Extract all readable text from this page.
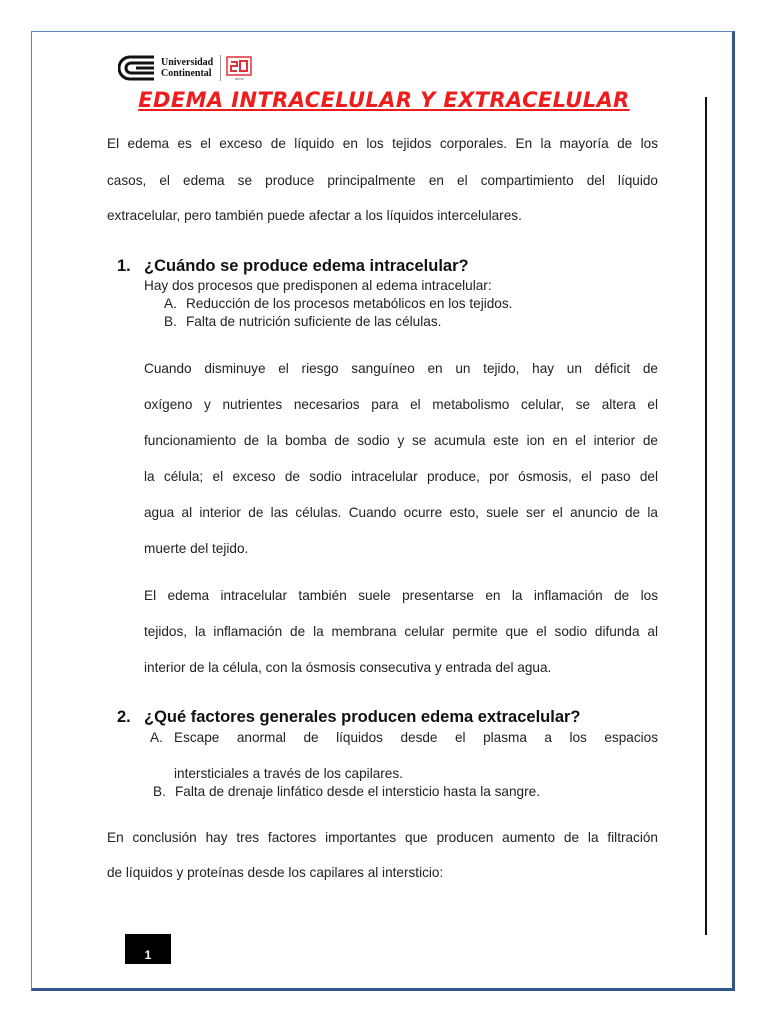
Universidad
Continental	años
EDEMA INTRACELULAR Y EXTRACELULAR

El edema es el exceso de líquido en los tejidos corporales. En la mayoría de los

casos, el edema se produce principalmente en el compartimiento del líquido

extracelular, pero también puede afectar a los líquidos intercelulares.

1. ¿Cuándo se produce edema intracelular?

Hay dos procesos que predisponen al edema intracelular:

A. Reducción de los procesos metabólicos en los tejidos.

B. Falta de nutrición suficiente de las células.

Cuando disminuye el riesgo sanguíneo en un tejido, hay un déficit de

oxígeno y nutrientes necesarios para el metabolismo celular, se altera el

funcionamiento de la bomba de sodio y se acumula este ion en el interior de

la célula; el exceso de sodio intracelular produce, por ósmosis, el paso del

agua al interior de las células. Cuando ocurre esto, suele ser el anuncio de la

muerte del tejido.

El edema intracelular también suele presentarse en la inflamación de los

tejidos, la inflamación de la membrana celular permite que el sodio difunda al

interior de la célula, con la ósmosis consecutiva y entrada del agua.

2. ¿Qué factores generales producen edema extracelular?

A. Escape anormal de líquidos desde el plasma a los espacios

intersticiales a través de los capilares.

B. Falta de drenaje linfático desde el intersticio hasta la sangre.

En conclusión hay tres factores importantes que producen aumento de la filtración

de líquidos y proteínas desde los capilares al intersticio:

1
